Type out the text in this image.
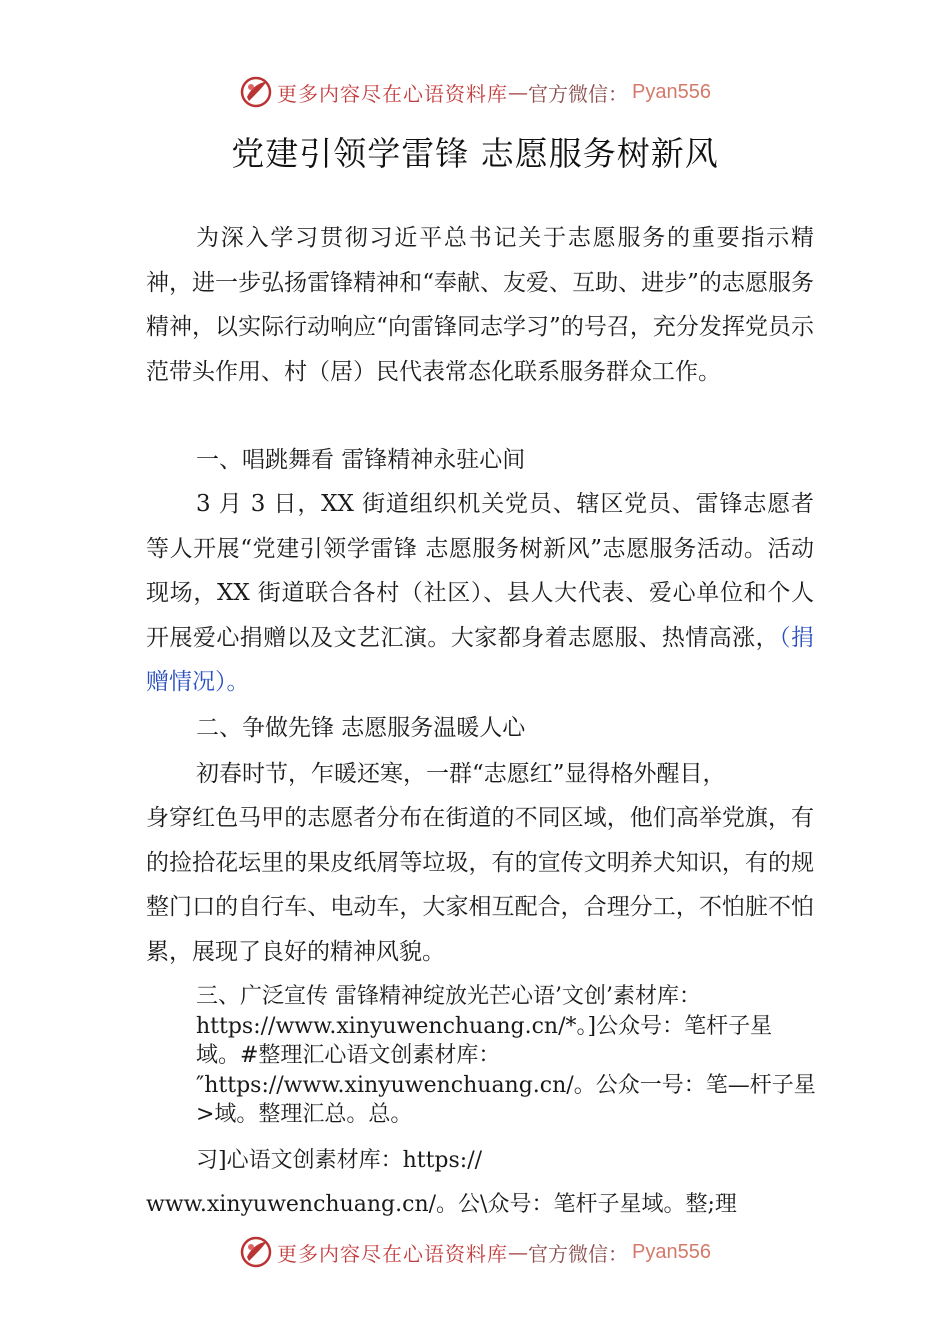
更多内容尽在心语资料库 — 官方微信： Pyan556
党建引领学雷锋 志愿服务树新风
为深入学习贯彻习近平总书记关于志愿服务的重要指示精神，进一步弘扬雷锋精神和“奉献、友爱、互助、进步”的志愿服务精神，以实际行动响应“向雷锋同志学习”的号召，充分发挥党员示范带头作用、村（居）民代表常态化联系服务群众工作。
一、唱跳舞看 雷锋精神永驻心间
3 月 3 日，XX 街道组织机关党员、辖区党员、雷锋志愿者等人开展“党建引领学雷锋 志愿服务树新风”志愿服务活动。活动现场，XX 街道联合各村（社区）、县人大代表、爱心单位和个人开展爱心捐赠以及文艺汇演。大家都身着志愿服、热情高涨，（捐赠情况）。
二、争做先锋 志愿服务温暖人心
初春时节，乍暖还寒，一群“志愿红”显得格外醒目，
身穿红色马甲的志愿者分布在街道的不同区域，他们高举党旗，有的捡拾花坛里的果皮纸屑等垃圾，有的宣传文明养犬知识，有的规整门口的自行车、电动车，大家相互配合，合理分工，不怕脏不怕累，展现了良好的精神风貌。
三、广泛宣传 雷锋精神绽放光芒心语’文创’素材库：https://www.xinyuwenchuang.cn/*。]公众号：笔杆子星域。#整理汇心语文创素材库：″https://www.xinyuwenchuang.cn/。公众一号：笔—杆子星>域。整理汇总。总。
习]心语文创素材库：https://
www.xinyuwenchuang.cn/。公\众号：笔杆子星域。整;理
更多内容尽在心语资料库 — 官方微信： Pyan556
